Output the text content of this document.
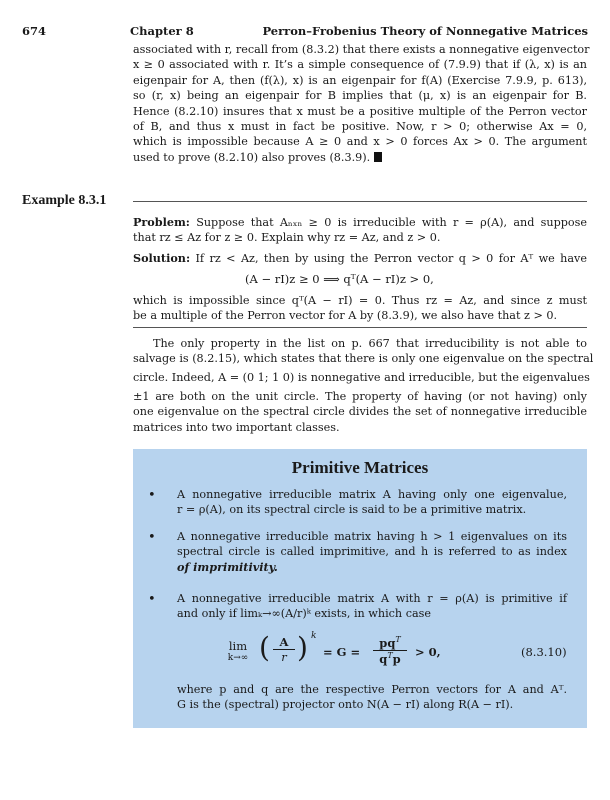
674	Chapter 8	Perron–Frobenius Theory of Nonnegative Matrices
associated with r, recall from (8.3.2) that there exists a nonnegative eigenvector
x ≥ 0 associated with r. It’s a simple consequence of (7.9.9) that if (λ, x) is an
eigenpair for A, then (f(λ), x) is an eigenpair for f(A) (Exercise 7.9.9, p. 613),
so (r, x) being an eigenpair for B implies that (μ, x) is an eigenpair for B.
Hence (8.2.10) insures that x must be a positive multiple of the Perron vector
of B, and thus x must in fact be positive. Now, r > 0; otherwise Ax = 0,
which is impossible because A ≥ 0 and x > 0 forces Ax > 0. The argument
used to prove (8.2.10) also proves (8.3.9).
Example 8.3.1
Problem: Suppose that Aₙₓₙ ≥ 0 is irreducible with r = ρ(A), and suppose
that rz ≤ Az for z ≥ 0. Explain why rz = Az, and z > 0.
Solution: If rz < Az, then by using the Perron vector q > 0 for Aᵀ we have
(A − rI)z ≥ 0 ⟹ qᵀ(A − rI)z > 0,
which is impossible since qᵀ(A − rI) = 0. Thus rz = Az, and since z must
be a multiple of the Perron vector for A by (8.3.9), we also have that z > 0.
The only property in the list on p. 667 that irreducibility is not able to
salvage is (8.2.15), which states that there is only one eigenvalue on the spectral
circle. Indeed, A = (0 1; 1 0) is nonnegative and irreducible, but the eigenvalues
±1 are both on the unit circle. The property of having (or not having) only
one eigenvalue on the spectral circle divides the set of nonnegative irreducible
matrices into two important classes.
Primitive Matrices
• A nonnegative irreducible matrix A having only one eigenvalue,
r = ρ(A), on its spectral circle is said to be a primitive matrix.
• A nonnegative irreducible matrix having h > 1 eigenvalues on its
spectral circle is called imprimitive, and h is referred to as index
of imprimitivity.
• A nonnegative irreducible matrix A with r = ρ(A) is primitive if
and only if limₖ→∞(A/r)ᵏ exists, in which case
lim
k→∞ ( A
r ) k
= G =
$pq^T$
$q^Tp$	> 0,	(8.3.10)
where p and q are the respective Perron vectors for A and Aᵀ.
G is the (spectral) projector onto N(A − rI) along R(A − rI).
